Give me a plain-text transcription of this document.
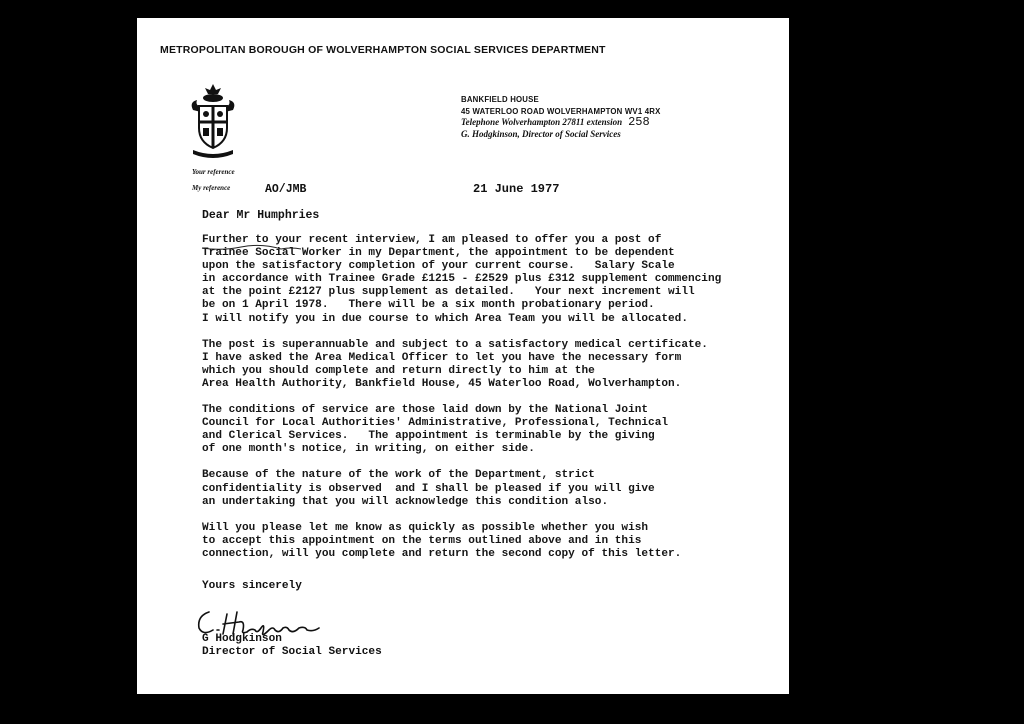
METROPOLITAN BOROUGH OF WOLVERHAMPTON SOCIAL SERVICES DEPARTMENT
BANKFIELD HOUSE
45 WATERLOO ROAD WOLVERHAMPTON WV1 4RX
Telephone Wolverhampton 27811 extension 258
G. Hodgkinson, Director of Social Services
Your reference
My reference	AO/JMB	21 June 1977
Dear Mr Humphries
Further to your recent interview, I am pleased to offer you a post of
Trainee Social Worker in my Department, the appointment to be dependent
upon the satisfactory completion of your current course.   Salary Scale
in accordance with Trainee Grade £1215 - £2529 plus £312 supplement commencing
at the point £2127 plus supplement as detailed.   Your next increment will
be on 1 April 1978.   There will be a six month probationary period.
I will notify you in due course to which Area Team you will be allocated.
The post is superannuable and subject to a satisfactory medical certificate.
I have asked the Area Medical Officer to let you have the necessary form
which you should complete and return directly to him at the
Area Health Authority, Bankfield House, 45 Waterloo Road, Wolverhampton.
The conditions of service are those laid down by the National Joint
Council for Local Authorities' Administrative, Professional, Technical
and Clerical Services.   The appointment is terminable by the giving
of one month's notice, in writing, on either side.
Because of the nature of the work of the Department, strict
confidentiality is observed  and I shall be pleased if you will give
an undertaking that you will acknowledge this condition also.
Will you please let me know as quickly as possible whether you wish
to accept this appointment on the terms outlined above and in this
connection, will you complete and return the second copy of this letter.
Yours sincerely
G Hodgkinson
Director of Social Services
